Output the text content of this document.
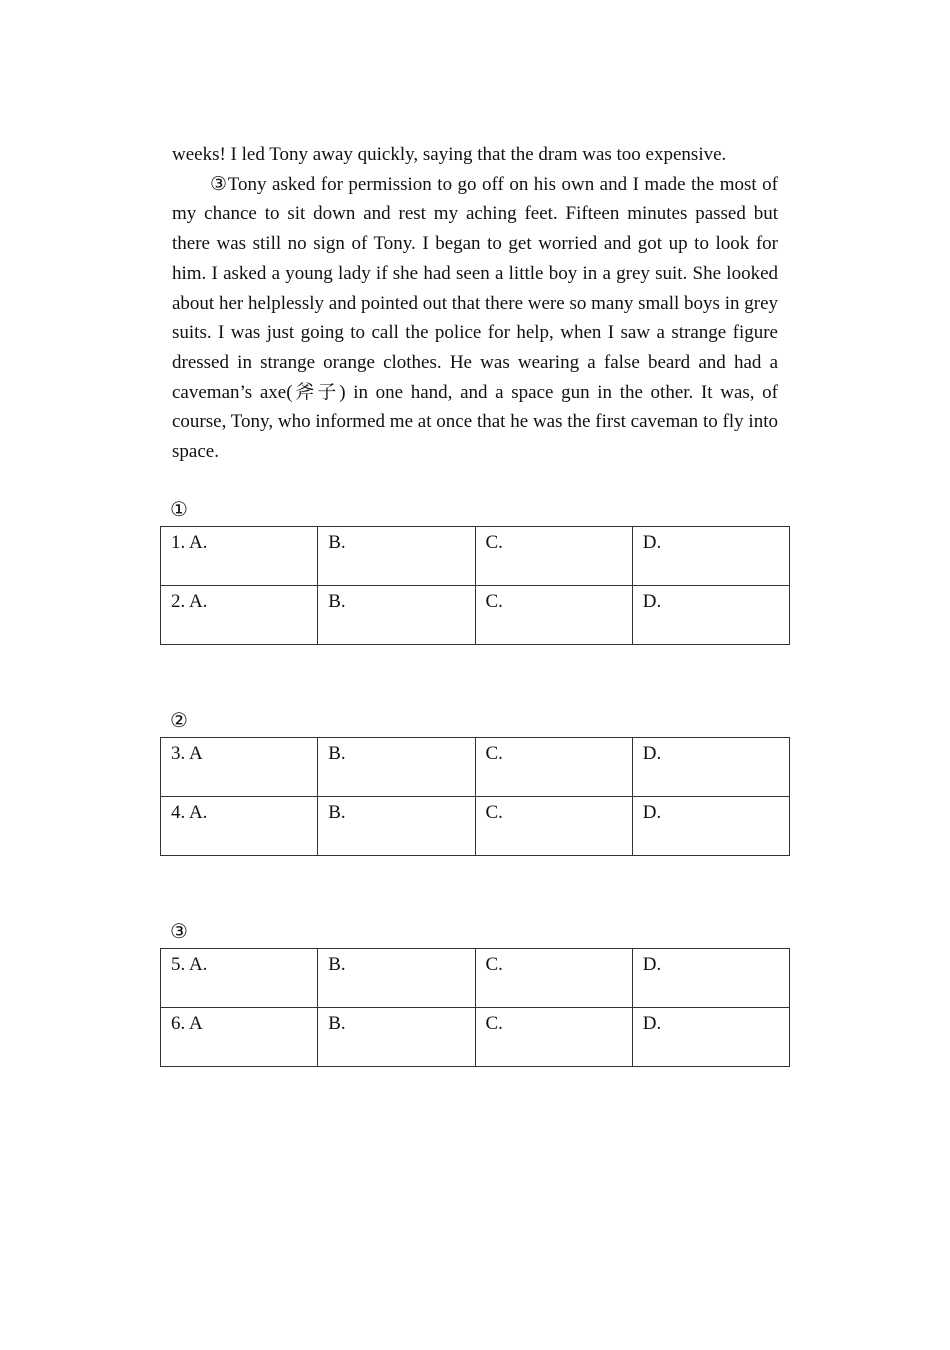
weeks! I led Tony away quickly, saying that the dram was too expensive.

③Tony asked for permission to go off on his own and I made the most of my chance to sit down and rest my aching feet. Fifteen minutes passed but there was still no sign of Tony. I began to get worried and got up to look for him. I asked a young lady if she had seen a little boy in a grey suit. She looked about her helplessly and pointed out that there were so many small boys in grey suits. I was just going to call the police for help, when I saw a strange figure dressed in strange orange clothes. He was wearing a false beard and had a caveman’s axe(斧子) in one hand, and a space gun in the other. It was, of course, Tony, who informed me at once that he was the first caveman to fly into space.

①
1. A.	B.	C.	D.
2. A.	B.	C.	D.
②
3. A	B.	C.	D.
4. A.	B.	C.	D.
③
5. A.	B.	C.	D.
6. A	B.	C.	D.
